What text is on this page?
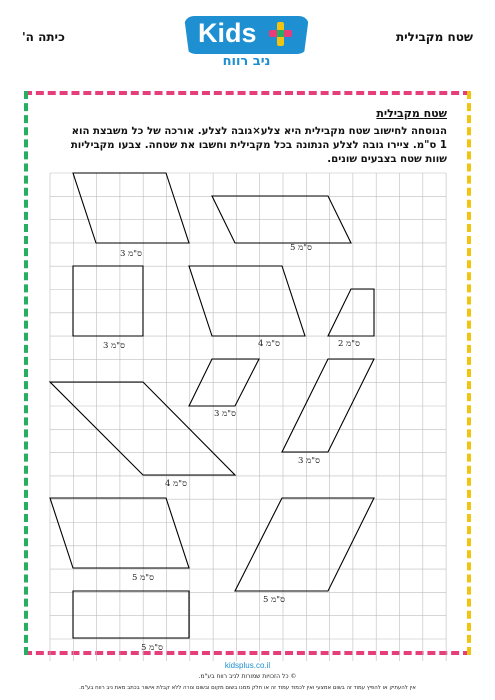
שטח מקבילית
כיתה ה'	Kids
ניב רווח
שטח מקבילית
הנוסחה לחישוב שטח מקבילית היא צלע×גובה לצלע. אורכה של כל משבצת הוא
1 ס"מ. ציירו גובה לצלע הנתונה בכל מקבילית וחשבו את שטחה. צבעו מקביליות
שוות שטח בצבעים שונים.
3 ס"מ
5 ס"מ
3 ס"מ	4 ס"מ	2 ס"מ
3 ס"מ
3 ס"מ
4 ס"מ
5 ס"מ
5 ס"מ
5 ס"מ
kidsplus.co.il
© כל הזכויות שמורות לניב רווח בע"מ.
אין להעתיק או להפיץ עמוד זה בשום אמצעי ואין לכמוד עמוד זה או חלק ממנו בשום מקום ובשום צורה ללא קבלת אישור בכתב מאת ניב רווח בע"מ.
